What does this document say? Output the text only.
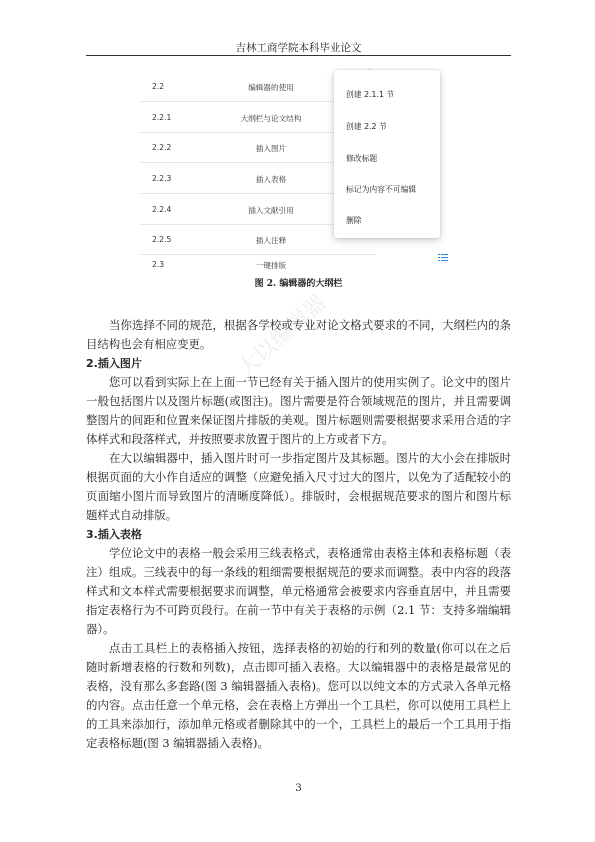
吉林工商学院本科毕业论文
2.2	编辑器的使用
2.2.1	大纲栏与论文结构
2.2.2	插入图片
2.2.3	插入表格
2.2.4	插入文献引用
2.2.5	插入注释
2.3	一键排版
创建 2.1.1 节
创建 2.2 节
修改标题
标记为内容不可编辑
删除
图 2. 编辑器的大纲栏
大以编辑器

当你选择不同的规范，根据各学校或专业对论文格式要求的不同，大纲栏内的条目结构也会有相应变更。

2.插入图片

您可以看到实际上在上面一节已经有关于插入图片的使用实例了。论文中的图片一般包括图片以及图片标题(或图注)。图片需要是符合领域规范的图片，并且需要调整图片的间距和位置来保证图片排版的美观。图片标题则需要根据要求采用合适的字体样式和段落样式，并按照要求放置于图片的上方或者下方。

在大以编辑器中，插入图片时可一步指定图片及其标题。图片的大小会在排版时根据页面的大小作自适应的调整（应避免插入尺寸过大的图片，以免为了适配较小的页面缩小图片而导致图片的清晰度降低）。排版时，会根据规范要求的图片和图片标题样式自动排版。

3.插入表格

学位论文中的表格一般会采用三线表格式，表格通常由表格主体和表格标题（表注）组成。三线表中的每一条线的粗细需要根据规范的要求而调整。表中内容的段落样式和文本样式需要根据要求而调整，单元格通常会被要求内容垂直居中，并且需要指定表格行为不可跨页段行。在前一节中有关于表格的示例（2.1 节：支持多端编辑器）。

点击工具栏上的表格插入按钮，选择表格的初始的行和列的数量(你可以在之后随时新增表格的行数和列数)，点击即可插入表格。大以编辑器中的表格是最常见的表格，没有那么多套路(图 3 编辑器插入表格)。您可以以纯文本的方式录入各单元格的内容。点击任意一个单元格，会在表格上方弹出一个工具栏，你可以使用工具栏上的工具来添加行，添加单元格或者删除其中的一个，工具栏上的最后一个工具用于指定表格标题(图 3 编辑器插入表格)。

3
